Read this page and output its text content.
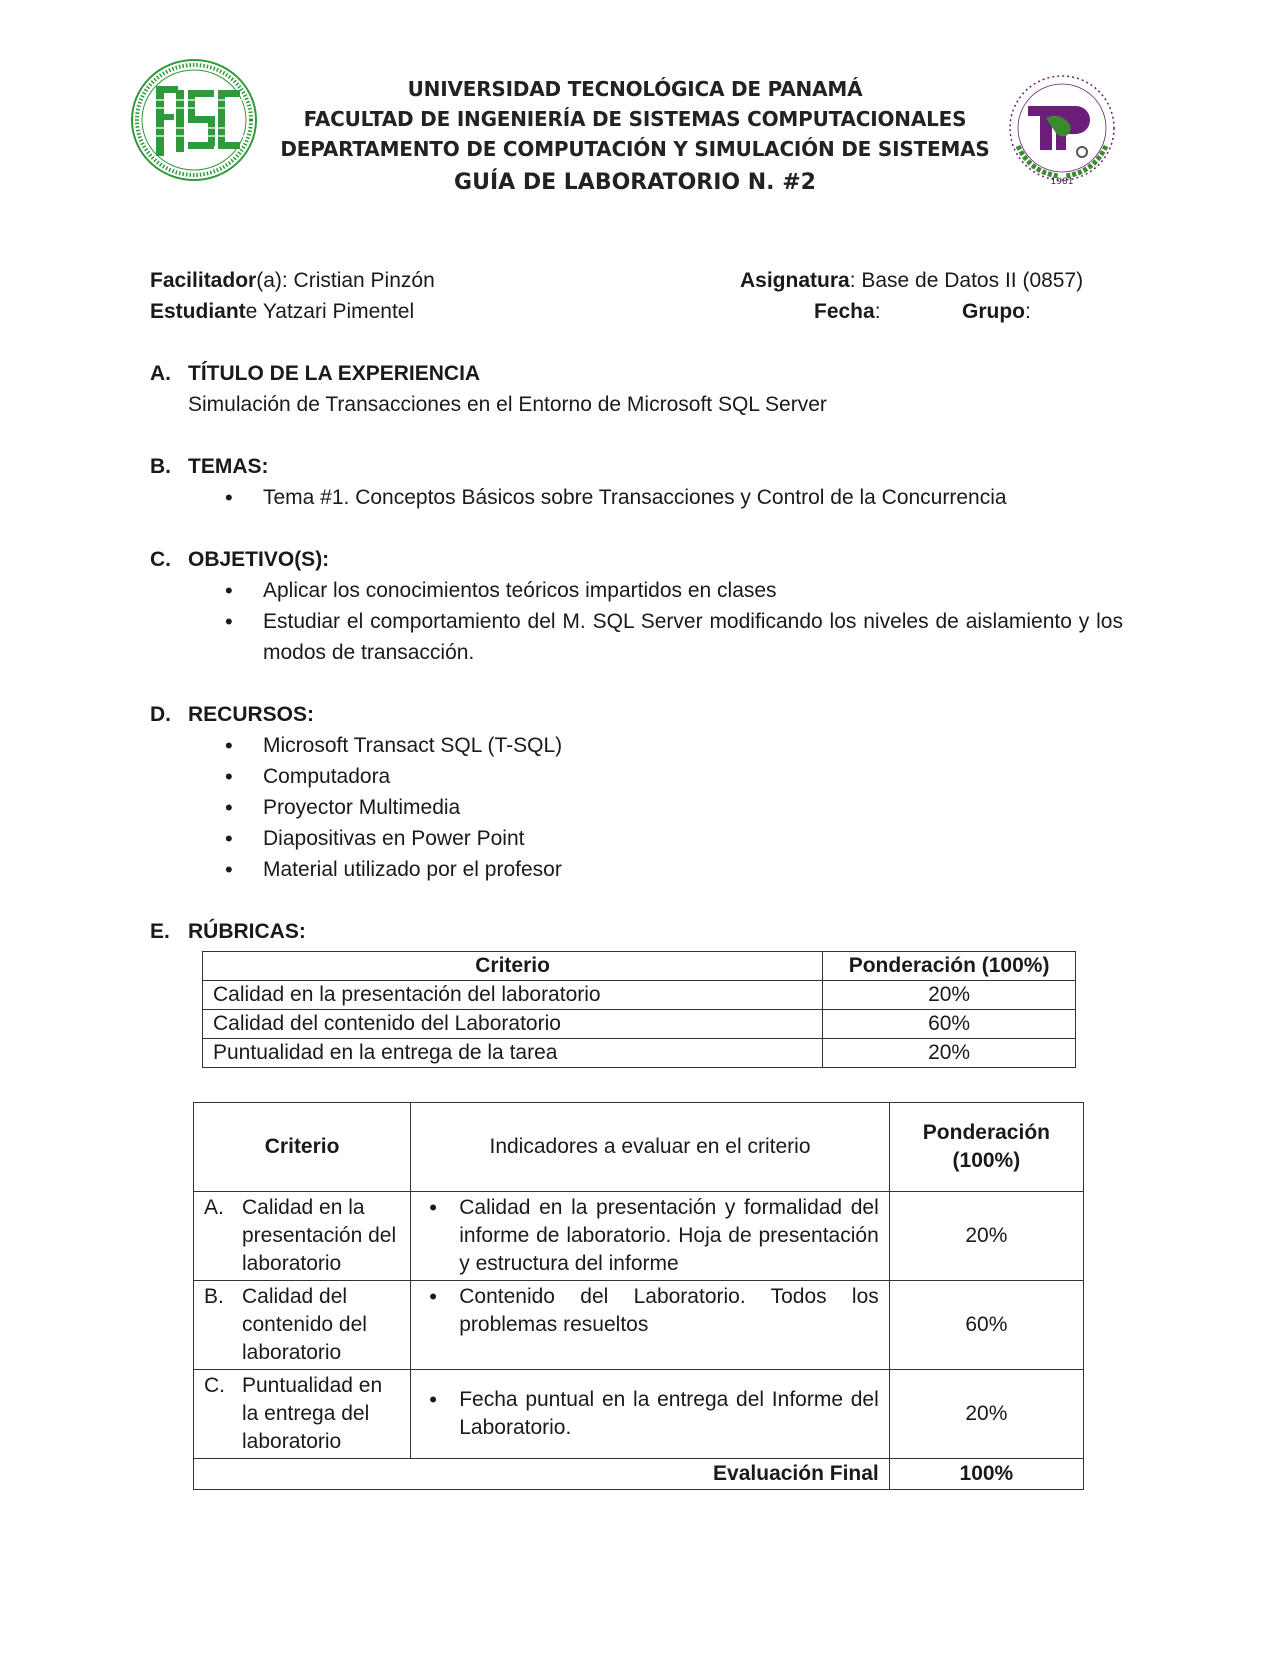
UNIVERSIDAD TECNOLÓGICA DE PANAMÁ
FACULTAD DE INGENIERÍA DE SISTEMAS COMPUTACIONALES
DEPARTAMENTO DE COMPUTACIÓN Y SIMULACIÓN DE SISTEMAS
GUÍA DE LABORATORIO N. #2	1981
Facilitador(a): Cristian Pinzón	Asignatura: Base de Datos II (0857)
Estudiante Yatzari Pimentel	Fecha:	Grupo:
A. TÍTULO DE LA EXPERIENCIA
Simulación de Transacciones en el Entorno de Microsoft SQL Server
B. TEMAS:
• Tema #1. Conceptos Básicos sobre Transacciones y Control de la Concurrencia
C. OBJETIVO(S):
• Aplicar los conocimientos teóricos impartidos en clases
• Estudiar el comportamiento del M. SQL Server modificando los niveles de aislamiento y los modos de transacción.
D. RECURSOS:
• Microsoft Transact SQL (T-SQL)
• Computadora
• Proyector Multimedia
• Diapositivas en Power Point
• Material utilizado por el profesor
E. RÚBRICAS:
Criterio	Ponderación (100%)
Calidad en la presentación del laboratorio	20%
Calidad del contenido del Laboratorio	60%
Puntualidad en la entrega de la tarea	20%
Criterio	Indicadores a evaluar en el criterio	Ponderación (100%)

A. Calidad en la presentación del laboratorio	• Calidad en la presentación y formalidad del informe de laboratorio. Hoja de presentación y estructura del informe	20%

B. Calidad del contenido del laboratorio	• Contenido del Laboratorio. Todos los problemas resueltos	60%

C. Puntualidad en la entrega del laboratorio	• Fecha puntual en la entrega del Informe del Laboratorio.	20%
Evaluación Final		100%
